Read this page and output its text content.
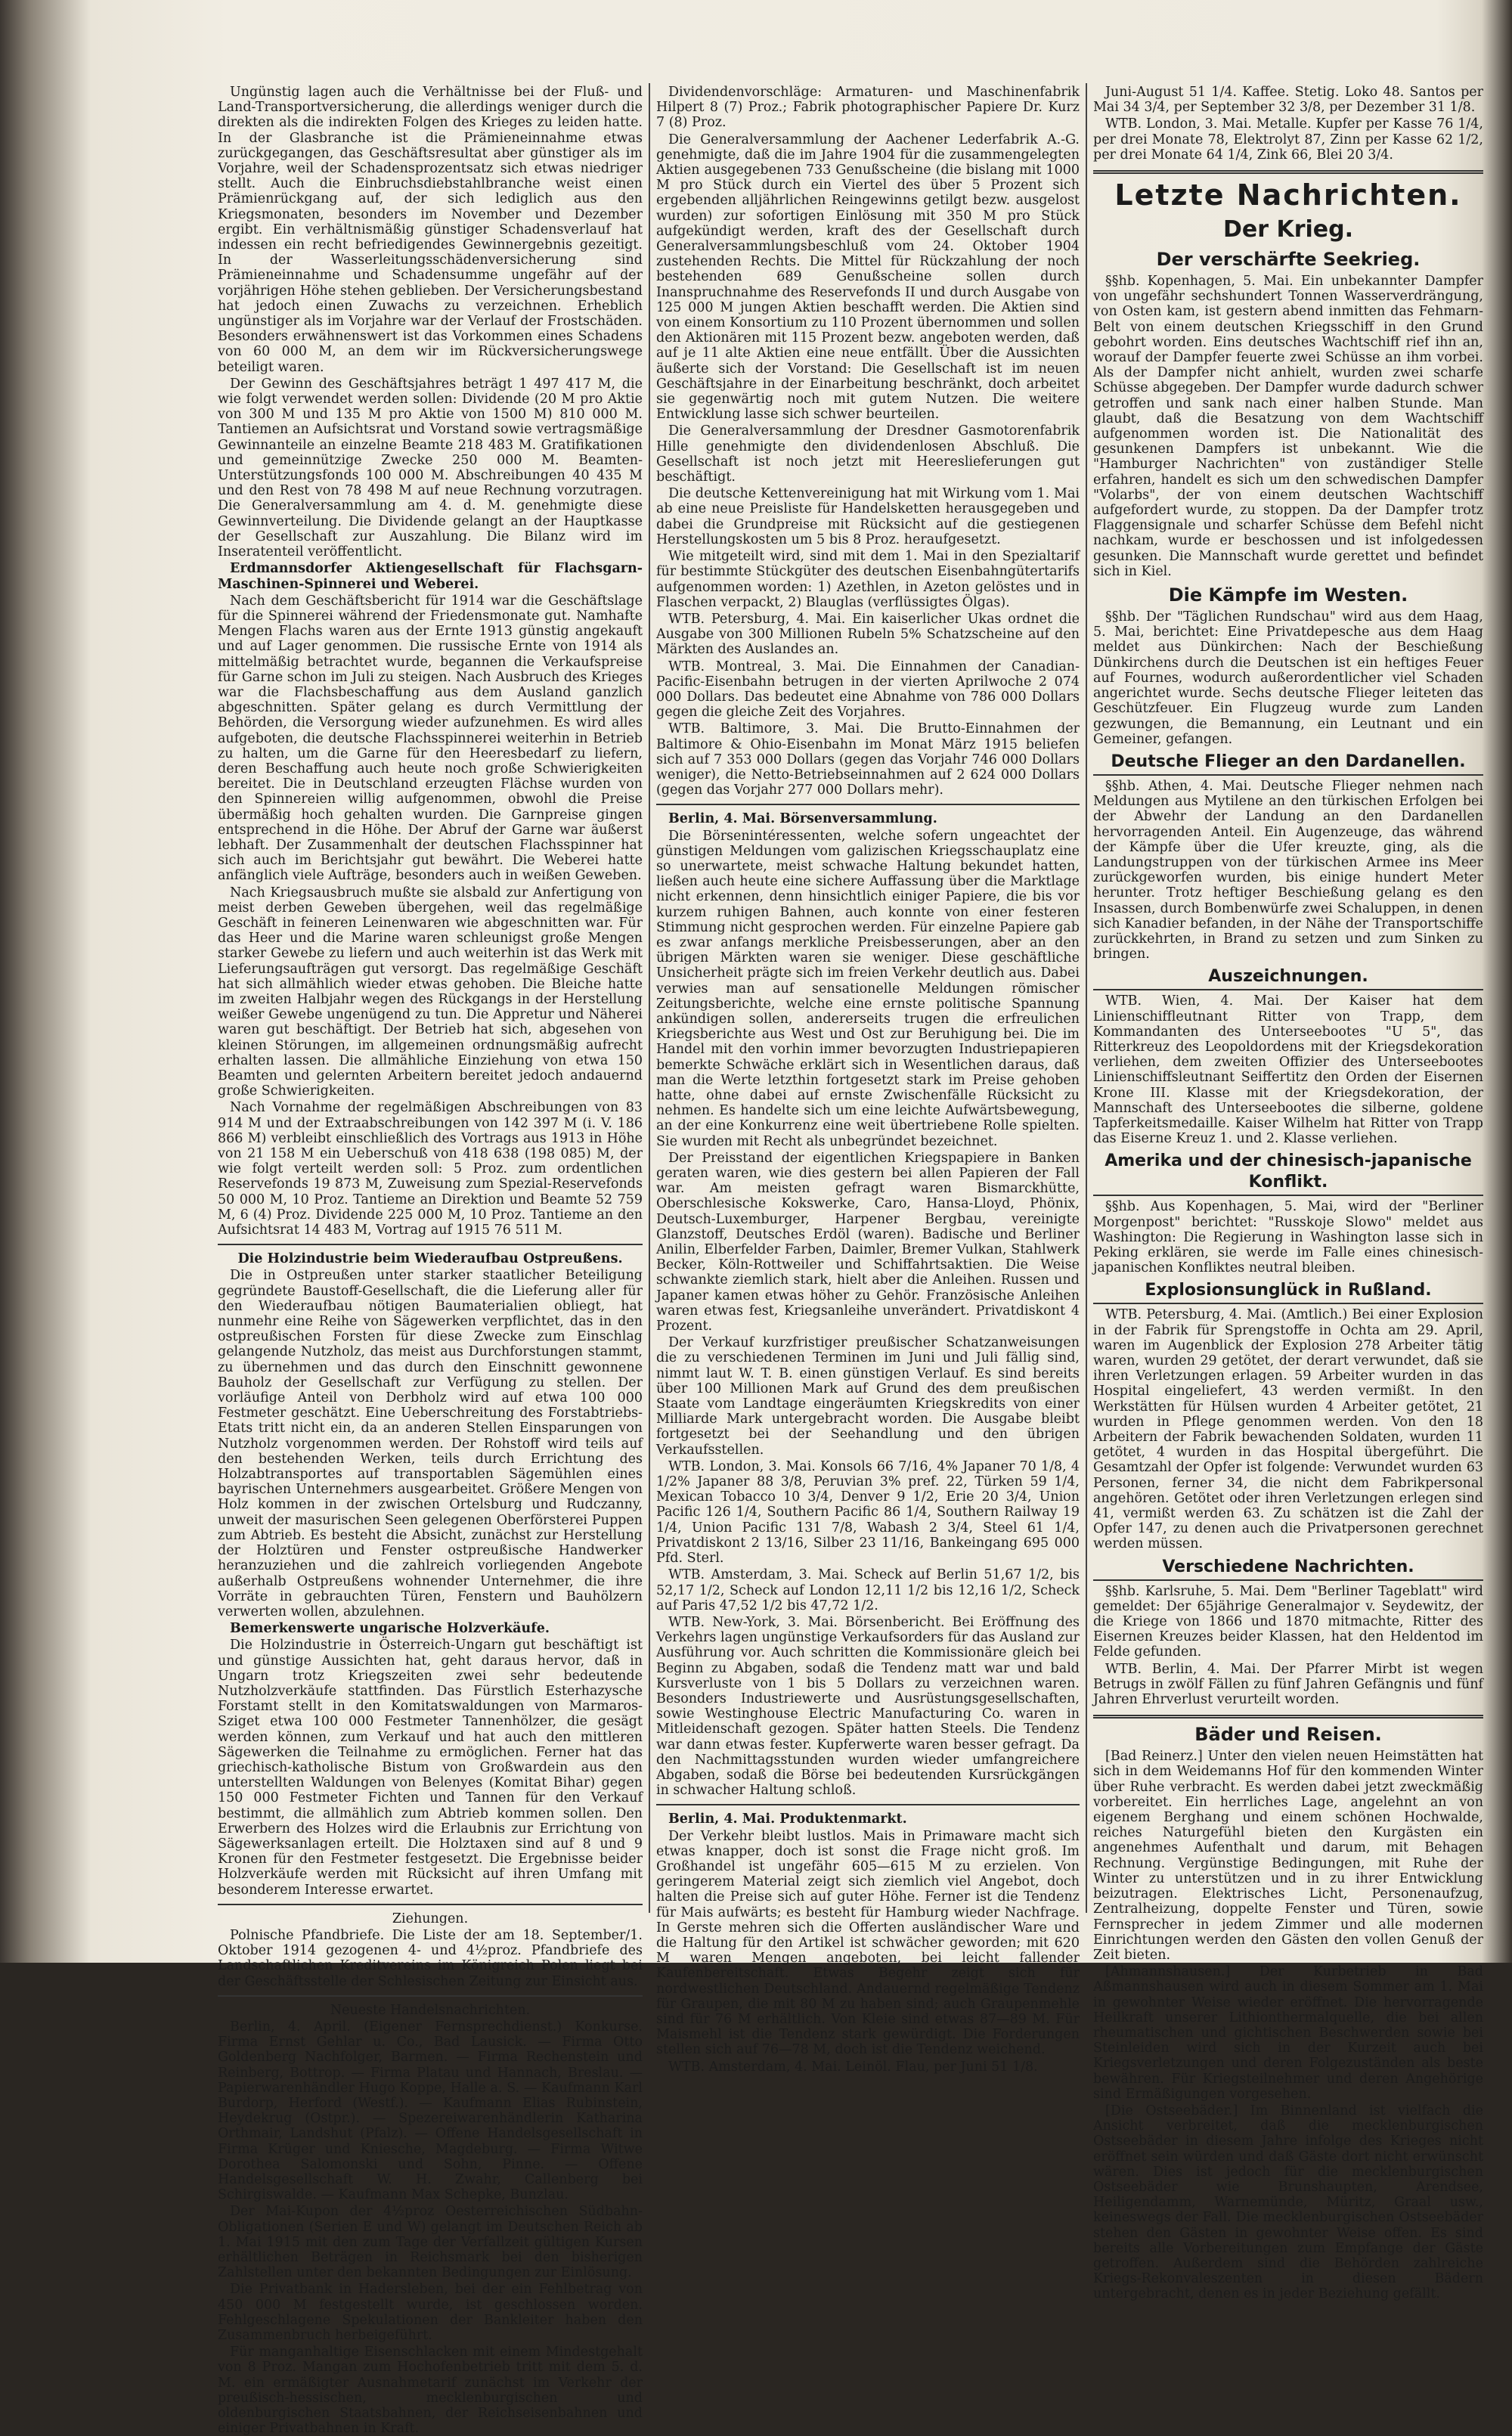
Ungünstig lagen auch die Verhältnisse bei der Fluß- und Land-Transportversicherung, die allerdings weniger durch die direkten als die indirekten Folgen des Krieges zu leiden hatte. In der Glasbranche ist die Prämieneinnahme etwas zurückgegangen, das Geschäftsresultat aber günstiger als im Vorjahre, weil der Schadensprozentsatz sich etwas niedriger stellt. Auch die Einbruchsdiebstahlbranche weist einen Prämienrückgang auf, der sich lediglich aus den Kriegsmonaten, besonders im November und Dezember ergibt. Ein verhältnismäßig günstiger Schadensverlauf hat indessen ein recht befriedigendes Gewinnergebnis gezeitigt. In der Wasserleitungsschädenversicherung sind Prämieneinnahme und Schadensumme ungefähr auf der vorjährigen Höhe stehen geblieben. Der Versicherungsbestand hat jedoch einen Zuwachs zu verzeichnen. Erheblich ungünstiger als im Vorjahre war der Verlauf der Frostschäden. Besonders erwähnenswert ist das Vorkommen eines Schadens von 60 000 M, an dem wir im Rückversicherungswege beteiligt waren.

Der Gewinn des Geschäftsjahres beträgt 1 497 417 M, die wie folgt verwendet werden sollen: Dividende (20 M pro Aktie von 300 M und 135 M pro Aktie von 1500 M) 810 000 M. Tantiemen an Aufsichtsrat und Vorstand sowie vertragsmäßige Gewinnanteile an einzelne Beamte 218 483 M. Gratifikationen und gemeinnützige Zwecke 250 000 M. Beamten-Unterstützungsfonds 100 000 M. Abschreibungen 40 435 M und den Rest von 78 498 M auf neue Rechnung vorzutragen. Die Generalversammlung am 4. d. M. genehmigte diese Gewinnverteilung. Die Dividende gelangt an der Hauptkasse der Gesellschaft zur Auszahlung. Die Bilanz wird im Inseratenteil veröffentlicht.

Erdmannsdorfer Aktiengesellschaft für Flachsgarn-Maschinen-Spinnerei und Weberei.

Nach dem Geschäftsbericht für 1914 war die Geschäftslage für die Spinnerei während der Friedensmonate gut. Namhafte Mengen Flachs waren aus der Ernte 1913 günstig angekauft und auf Lager genommen. Die russische Ernte von 1914 als mittelmäßig betrachtet wurde, begannen die Verkaufspreise für Garne schon im Juli zu steigen. Nach Ausbruch des Krieges war die Flachsbeschaffung aus dem Ausland ganzlich abgeschnitten. Später gelang es durch Vermittlung der Behörden, die Versorgung wieder aufzunehmen. Es wird alles aufgeboten, die deutsche Flachsspinnerei weiterhin in Betrieb zu halten, um die Garne für den Heeresbedarf zu liefern, deren Beschaffung auch heute noch große Schwierigkeiten bereitet. Die in Deutschland erzeugten Flächse wurden von den Spinnereien willig aufgenommen, obwohl die Preise übermäßig hoch gehalten wurden. Die Garnpreise gingen entsprechend in die Höhe. Der Abruf der Garne war äußerst lebhaft. Der Zusammenhalt der deutschen Flachsspinner hat sich auch im Berichtsjahr gut bewährt. Die Weberei hatte anfänglich viele Aufträge, besonders auch in weißen Geweben.

Nach Kriegsausbruch mußte sie alsbald zur Anfertigung von meist derben Geweben übergehen, weil das regelmäßige Geschäft in feineren Leinenwaren wie abgeschnitten war. Für das Heer und die Marine waren schleunigst große Mengen starker Gewebe zu liefern und auch weiterhin ist das Werk mit Lieferungsaufträgen gut versorgt. Das regelmäßige Geschäft hat sich allmählich wieder etwas gehoben. Die Bleiche hatte im zweiten Halbjahr wegen des Rückgangs in der Herstellung weißer Gewebe ungenügend zu tun. Die Appretur und Näherei waren gut beschäftigt. Der Betrieb hat sich, abgesehen von kleinen Störungen, im allgemeinen ordnungsmäßig aufrecht erhalten lassen. Die allmähliche Einziehung von etwa 150 Beamten und gelernten Arbeitern bereitet jedoch andauernd große Schwierigkeiten.

Nach Vornahme der regelmäßigen Abschreibungen von 83 914 M und der Extraabschreibungen von 142 397 M (i. V. 186 866 M) verbleibt einschließlich des Vortrags aus 1913 in Höhe von 21 158 M ein Ueberschuß von 418 638 (198 085) M, der wie folgt verteilt werden soll: 5 Proz. zum ordentlichen Reservefonds 19 873 M, Zuweisung zum Spezial-Reservefonds 50 000 M, 10 Proz. Tantieme an Direktion und Beamte 52 759 M, 6 (4) Proz. Dividende 225 000 M, 10 Proz. Tantieme an den Aufsichtsrat 14 483 M, Vortrag auf 1915 76 511 M.

Die Holzindustrie beim Wiederaufbau Ostpreußens.

Die in Ostpreußen unter starker staatlicher Beteiligung gegründete Baustoff-Gesellschaft, die die Lieferung aller für den Wiederaufbau nötigen Baumaterialien obliegt, hat nunmehr eine Reihe von Sägewerken verpflichtet, das in den ostpreußischen Forsten für diese Zwecke zum Einschlag gelangende Nutzholz, das meist aus Durchforstungen stammt, zu übernehmen und das durch den Einschnitt gewonnene Bauholz der Gesellschaft zur Verfügung zu stellen. Der vorläufige Anteil von Derbholz wird auf etwa 100 000 Festmeter geschätzt. Eine Ueberschreitung des Forstabtriebs-Etats tritt nicht ein, da an anderen Stellen Einsparungen von Nutzholz vorgenommen werden. Der Rohstoff wird teils auf den bestehenden Werken, teils durch Errichtung des Holzabtransportes auf transportablen Sägemühlen eines bayrischen Unternehmers ausgearbeitet. Größere Mengen von Holz kommen in der zwischen Ortelsburg und Rudczanny, unweit der masurischen Seen gelegenen Oberförsterei Puppen zum Abtrieb. Es besteht die Absicht, zunächst zur Herstellung der Holztüren und Fenster ostpreußische Handwerker heranzuziehen und die zahlreich vorliegenden Angebote außerhalb Ostpreußens wohnender Unternehmer, die ihre Vorräte in gebrauchten Türen, Fenstern und Bauhölzern verwerten wollen, abzulehnen.

Bemerkenswerte ungarische Holzverkäufe.

Die Holzindustrie in Österreich-Ungarn gut beschäftigt ist und günstige Aussichten hat, geht daraus hervor, daß in Ungarn trotz Kriegszeiten zwei sehr bedeutende Nutzholzverkäufe stattfinden. Das Fürstlich Esterhazysche Forstamt stellt in den Komitatswaldungen von Marmaros-Sziget etwa 100 000 Festmeter Tannenhölzer, die gesägt werden können, zum Verkauf und hat auch den mittleren Sägewerken die Teilnahme zu ermöglichen. Ferner hat das griechisch-katholische Bistum von Großwardein aus den unterstellten Waldungen von Belenyes (Komitat Bihar) gegen 150 000 Festmeter Fichten und Tannen für den Verkauf bestimmt, die allmählich zum Abtrieb kommen sollen. Den Erwerbern des Holzes wird die Erlaubnis zur Errichtung von Sägewerksanlagen erteilt. Die Holztaxen sind auf 8 und 9 Kronen für den Festmeter festgesetzt. Die Ergebnisse beider Holzverkäufe werden mit Rücksicht auf ihren Umfang mit besonderem Interesse erwartet.

Ziehungen.

Polnische Pfandbriefe. Die Liste der am 18. September/1. Oktober 1914 gezogenen 4- und 4½proz. Pfandbriefe des Landschaftlichen Kreditvereins im Königreich Polen liegt bei der Geschäftsstelle der Schlesischen Zeitung zur Einsicht aus.

Neueste Handelsnachrichten.

Berlin, 4. April. (Eigener Fernsprechdienst.) Konkurse. Firma Ernst Gehlar u. Co., Bad Lausick. — Firma Otto Goldenberg Nachfolger, Barmen. — Firma Rechenstein und Reinberg, Bottrop. — Firma Platau und Hannach, Breslau. — Papierwarenhändler Hugo Koppe, Halle a. S. — Kaufmann Karl Burdorp, Herford (Westf.). — Kaufmann Elias Rubinstein, Heydekrug (Ostpr.). — Spezereiwarenhändlerin Katharina Orthmair, Landshut (Pfalz). — Offene Handelsgesellschaft in Firma Krüger und Kniesche, Magdeburg. — Firma Witwe Dorothea Salomonski und Sohn, Pinne. — Offene Handelsgesellschaft W. H. Zwahr, Callenberg bei Schirgiswalde. — Kaufmann Max Schepke, Bunzlau.

Der Mai-Kupon der 4½proz Oesterreichischen Südbahn-Obligationen (Serien E und W) gelangt im Deutschen Reich ab 1. Mai 1915 mit den zum Tage der Verfallzeit gültigen Kursen erhältlichen Beträgen in Reichsmark bei den bisherigen Zahlstellen unter den bekannten Bedingungen zur Einlösung.

Die Privatbank in Hadersleben, bei der ein Fehlbetrag von 450 000 M festgestellt wurde, ist geschlossen worden. Fehlgeschlagene Spekulationen der Bankleiter haben den Zusammenbruch herbeigeführt.

Für manganhaltige Eisenschlacken mit einem Mindestgehalt von 8 Proz. Mangan zum Hochofenbetrieb tritt mit dem 5. d. M. ein ermäßigter Ausnahmetarif zunächst im Verkehr der preußisch-hessischen, mecklenburgischen und oldenburgischen Staatsbahnen, der Reichseisenbahnen und einiger Privatbahnen in Kraft.

Dividendenvorschläge: Armaturen- und Maschinenfabrik Hilpert 8 (7) Proz.; Fabrik photographischer Papiere Dr. Kurz 7 (8) Proz.

Die Generalversammlung der Aachener Lederfabrik A.-G. genehmigte, daß die im Jahre 1904 für die zusammengelegten Aktien ausgegebenen 733 Genußscheine (die bislang mit 1000 M pro Stück durch ein Viertel des über 5 Prozent sich ergebenden alljährlichen Reingewinns getilgt bezw. ausgelost wurden) zur sofortigen Einlösung mit 350 M pro Stück aufgekündigt werden, kraft des der Gesellschaft durch Generalversammlungsbeschluß vom 24. Oktober 1904 zustehenden Rechts. Die Mittel für Rückzahlung der noch bestehenden 689 Genußscheine sollen durch Inanspruchnahme des Reservefonds II und durch Ausgabe von 125 000 M jungen Aktien beschafft werden. Die Aktien sind von einem Konsortium zu 110 Prozent übernommen und sollen den Aktionären mit 115 Prozent bezw. angeboten werden, daß auf je 11 alte Aktien eine neue entfällt. Über die Aussichten äußerte sich der Vorstand: Die Gesellschaft ist im neuen Geschäftsjahre in der Einarbeitung beschränkt, doch arbeitet sie gegenwärtig noch mit gutem Nutzen. Die weitere Entwicklung lasse sich schwer beurteilen.

Die Generalversammlung der Dresdner Gasmotorenfabrik Hille genehmigte den dividendenlosen Abschluß. Die Gesellschaft ist noch jetzt mit Heereslieferungen gut beschäftigt.

Die deutsche Kettenvereinigung hat mit Wirkung vom 1. Mai ab eine neue Preisliste für Handelsketten herausgegeben und dabei die Grundpreise mit Rücksicht auf die gestiegenen Herstellungskosten um 5 bis 8 Proz. heraufgesetzt.

Wie mitgeteilt wird, sind mit dem 1. Mai in den Spezialtarif für bestimmte Stückgüter des deutschen Eisenbahngütertarifs aufgenommen worden: 1) Azethlen, in Azeton gelöstes und in Flaschen verpackt, 2) Blauglas (verflüssigtes Ölgas).

WTB. Petersburg, 4. Mai. Ein kaiserlicher Ukas ordnet die Ausgabe von 300 Millionen Rubeln 5% Schatzscheine auf den Märkten des Auslandes an.

WTB. Montreal, 3. Mai. Die Einnahmen der Canadian-Pacific-Eisenbahn betrugen in der vierten Aprilwoche 2 074 000 Dollars. Das bedeutet eine Abnahme von 786 000 Dollars gegen die gleiche Zeit des Vorjahres.

WTB. Baltimore, 3. Mai. Die Brutto-Einnahmen der Baltimore & Ohio-Eisenbahn im Monat März 1915 beliefen sich auf 7 353 000 Dollars (gegen das Vorjahr 746 000 Dollars weniger), die Netto-Betriebseinnahmen auf 2 624 000 Dollars (gegen das Vorjahr 277 000 Dollars mehr).

Berlin, 4. Mai. Börsenversammlung.

Die Börsenintéressenten, welche sofern ungeachtet der günstigen Meldungen vom galizischen Kriegsschauplatz eine so unerwartete, meist schwache Haltung bekundet hatten, ließen auch heute eine sichere Auffassung über die Marktlage nicht erkennen, denn hinsichtlich einiger Papiere, die bis vor kurzem ruhigen Bahnen, auch konnte von einer festeren Stimmung nicht gesprochen werden. Für einzelne Papiere gab es zwar anfangs merkliche Preisbesserungen, aber an den übrigen Märkten waren sie weniger. Diese geschäftliche Unsicherheit prägte sich im freien Verkehr deutlich aus. Dabei verwies man auf sensationelle Meldungen römischer Zeitungsberichte, welche eine ernste politische Spannung ankündigen sollen, andererseits trugen die erfreulichen Kriegsberichte aus West und Ost zur Beruhigung bei. Die im Handel mit den vorhin immer bevorzugten Industriepapieren bemerkte Schwäche erklärt sich in Wesentlichen daraus, daß man die Werte letzthin fortgesetzt stark im Preise gehoben hatte, ohne dabei auf ernste Zwischenfälle Rücksicht zu nehmen. Es handelte sich um eine leichte Aufwärtsbewegung, an der eine Konkurrenz eine weit übertriebene Rolle spielten. Sie wurden mit Recht als unbegründet bezeichnet.

Der Preisstand der eigentlichen Kriegspapiere in Banken geraten waren, wie dies gestern bei allen Papieren der Fall war. Am meisten gefragt waren Bismarckhütte, Oberschlesische Kokswerke, Caro, Hansa-Lloyd, Phönix, Deutsch-Luxemburger, Harpener Bergbau, vereinigte Glanzstoff, Deutsches Erdöl (waren). Badische und Berliner Anilin, Elberfelder Farben, Daimler, Bremer Vulkan, Stahlwerk Becker, Köln-Rottweiler und Schiffahrtsaktien. Die Weise schwankte ziemlich stark, hielt aber die Anleihen. Russen und Japaner kamen etwas höher zu Gehör. Französische Anleihen waren etwas fest, Kriegsanleihe unverändert. Privatdiskont 4 Prozent.

Der Verkauf kurzfristiger preußischer Schatzanweisungen die zu verschiedenen Terminen im Juni und Juli fällig sind, nimmt laut W. T. B. einen günstigen Verlauf. Es sind bereits über 100 Millionen Mark auf Grund des dem preußischen Staate vom Landtage eingeräumten Kriegskredits von einer Milliarde Mark untergebracht worden. Die Ausgabe bleibt fortgesetzt bei der Seehandlung und den übrigen Verkaufsstellen.

WTB. London, 3. Mai. Konsols 66 7/16, 4% Japaner 70 1/8, 4 1/2% Japaner 88 3/8, Peruvian 3% pref. 22, Türken 59 1/4, Mexican Tobacco 10 3/4, Denver 9 1/2, Erie 20 3/4, Union Pacific 126 1/4, Southern Pacific 86 1/4, Southern Railway 19 1/4, Union Pacific 131 7/8, Wabash 2 3/4, Steel 61 1/4, Privatdiskont 2 13/16, Silber 23 11/16, Bankeingang 695 000 Pfd. Sterl.

WTB. Amsterdam, 3. Mai. Scheck auf Berlin 51,67 1/2, bis 52,17 1/2, Scheck auf London 12,11 1/2 bis 12,16 1/2, Scheck auf Paris 47,52 1/2 bis 47,72 1/2.

WTB. New-York, 3. Mai. Börsenbericht. Bei Eröffnung des Verkehrs lagen ungünstige Verkaufsorders für das Ausland zur Ausführung vor. Auch schritten die Kommissionäre gleich bei Beginn zu Abgaben, sodaß die Tendenz matt war und bald Kursverluste von 1 bis 5 Dollars zu verzeichnen waren. Besonders Industriewerte und Ausrüstungsgesellschaften, sowie Westinghouse Electric Manufacturing Co. waren in Mitleidenschaft gezogen. Später hatten Steels. Die Tendenz war dann etwas fester. Kupferwerte waren besser gefragt. Da den Nachmittagsstunden wurden wieder umfangreichere Abgaben, sodaß die Börse bei bedeutenden Kursrückgängen in schwacher Haltung schloß.

Berlin, 4. Mai. Produktenmarkt.

Der Verkehr bleibt lustlos. Mais in Primaware macht sich etwas knapper, doch ist sonst die Frage nicht groß. Im Großhandel ist ungefähr 605—615 M zu erzielen. Von geringerem Material zeigt sich ziemlich viel Angebot, doch halten die Preise sich auf guter Höhe. Ferner ist die Tendenz für Mais aufwärts; es besteht für Hamburg wieder Nachfrage. In Gerste mehren sich die Offerten ausländischer Ware und die Haltung für den Artikel ist schwächer geworden; mit 620 M waren Mengen angeboten, bei leicht fallender Kaufenbereitschaft. Etwas Begehr zeigt sich für nordwestlichen Deutschland. Andauernd regelmäßige Tendenz für Graupen, die mit 80 M zu haben sind; auch Graupenmehle sind für 76 M erhältlich. Von Kleie sind etwas 87—89 M. Für Maismehl ist die Tendenz stark gewürdigt. Die Forderungen stellen sich auf 76—78 M, doch ist die Tendenz weichend.

WTB. Amsterdam, 4. Mai. Leinöl. Flau, per Juni 51 1/8.

Juni-August 51 1/4. Kaffee. Stetig. Loko 48. Santos per Mai 34 3/4, per September 32 3/8, per Dezember 31 1/8.

WTB. London, 3. Mai. Metalle. Kupfer per Kasse 76 1/4, per drei Monate 78, Elektrolyt 87, Zinn per Kasse 62 1/2, per drei Monate 64 1/4, Zink 66, Blei 20 3/4.

Letzte Nachrichten.
Der Krieg.
Der verschärfte Seekrieg.

§§hb. Kopenhagen, 5. Mai. Ein unbekannter Dampfer von ungefähr sechshundert Tonnen Wasserverdrängung, von Osten kam, ist gestern abend inmitten das Fehmarn-Belt von einem deutschen Kriegsschiff in den Grund gebohrt worden. Eins deutsches Wachtschiff rief ihn an, worauf der Dampfer feuerte zwei Schüsse an ihm vorbei. Als der Dampfer nicht anhielt, wurden zwei scharfe Schüsse abgegeben. Der Dampfer wurde dadurch schwer getroffen und sank nach einer halben Stunde. Man glaubt, daß die Besatzung von dem Wachtschiff aufgenommen worden ist. Die Nationalität des gesunkenen Dampfers ist unbekannt. Wie die "Hamburger Nachrichten" von zuständiger Stelle erfahren, handelt es sich um den schwedischen Dampfer "Volarbs", der von einem deutschen Wachtschiff aufgefordert wurde, zu stoppen. Da der Dampfer trotz Flaggensignale und scharfer Schüsse dem Befehl nicht nachkam, wurde er beschossen und ist infolgedessen gesunken. Die Mannschaft wurde gerettet und befindet sich in Kiel.

Die Kämpfe im Westen.

§§hb. Der "Täglichen Rundschau" wird aus dem Haag, 5. Mai, berichtet: Eine Privatdepesche aus dem Haag meldet aus Dünkirchen: Nach der Beschießung Dünkirchens durch die Deutschen ist ein heftiges Feuer auf Fournes, wodurch außerordentlicher viel Schaden angerichtet wurde. Sechs deutsche Flieger leiteten das Geschützfeuer. Ein Flugzeug wurde zum Landen gezwungen, die Bemannung, ein Leutnant und ein Gemeiner, gefangen.

Deutsche Flieger an den Dardanellen.

§§hb. Athen, 4. Mai. Deutsche Flieger nehmen nach Meldungen aus Mytilene an den türkischen Erfolgen bei der Abwehr der Landung an den Dardanellen hervorragenden Anteil. Ein Augenzeuge, das während der Kämpfe über die Ufer kreuzte, ging, als die Landungstruppen von der türkischen Armee ins Meer zurückgeworfen wurden, bis einige hundert Meter herunter. Trotz heftiger Beschießung gelang es den Insassen, durch Bombenwürfe zwei Schaluppen, in denen sich Kanadier befanden, in der Nähe der Transportschiffe zurückkehrten, in Brand zu setzen und zum Sinken zu bringen.

Auszeichnungen.

WTB. Wien, 4. Mai. Der Kaiser hat dem Linienschiffleutnant Ritter von Trapp, dem Kommandanten des Unterseebootes "U 5", das Ritterkreuz des Leopoldordens mit der Kriegsdekoration verliehen, dem zweiten Offizier des Unterseebootes Linienschiffsleutnant Seiffertitz den Orden der Eisernen Krone III. Klasse mit der Kriegsdekoration, der Mannschaft des Unterseebootes die silberne, goldene Tapferkeitsmedaille. Kaiser Wilhelm hat Ritter von Trapp das Eiserne Kreuz 1. und 2. Klasse verliehen.

Amerika und der chinesisch-japanische Konflikt.

§§hb. Aus Kopenhagen, 5. Mai, wird der "Berliner Morgenpost" berichtet: "Russkoje Slowo" meldet aus Washington: Die Regierung in Washington lasse sich in Peking erklären, sie werde im Falle eines chinesisch-japanischen Konfliktes neutral bleiben.

Explosionsunglück in Rußland.

WTB. Petersburg, 4. Mai. (Amtlich.) Bei einer Explosion in der Fabrik für Sprengstoffe in Ochta am 29. April, waren im Augenblick der Explosion 278 Arbeiter tätig waren, wurden 29 getötet, der derart verwundet, daß sie ihren Verletzungen erlagen. 59 Arbeiter wurden in das Hospital eingeliefert, 43 werden vermißt. In den Werkstätten für Hülsen wurden 4 Arbeiter getötet, 21 wurden in Pflege genommen werden. Von den 18 Arbeitern der Fabrik bewachenden Soldaten, wurden 11 getötet, 4 wurden in das Hospital übergeführt. Die Gesamtzahl der Opfer ist folgende: Verwundet wurden 63 Personen, ferner 34, die nicht dem Fabrikpersonal angehören. Getötet oder ihren Verletzungen erlegen sind 41, vermißt werden 63. Zu schätzen ist die Zahl der Opfer 147, zu denen auch die Privatpersonen gerechnet werden müssen.

Verschiedene Nachrichten.

§§hb. Karlsruhe, 5. Mai. Dem "Berliner Tageblatt" wird gemeldet: Der 65jährige Generalmajor v. Seydewitz, der die Kriege von 1866 und 1870 mitmachte, Ritter des Eisernen Kreuzes beider Klassen, hat den Heldentod im Felde gefunden.

WTB. Berlin, 4. Mai. Der Pfarrer Mirbt ist wegen Betrugs in zwölf Fällen zu fünf Jahren Gefängnis und fünf Jahren Ehrverlust verurteilt worden.

Bäder und Reisen.

[Bad Reinerz.] Unter den vielen neuen Heimstätten hat sich in dem Weidemanns Hof für den kommenden Winter über Ruhe verbracht. Es werden dabei jetzt zweckmäßig vorbereitet. Ein herrliches Lage, angelehnt an von eigenem Berghang und einem schönen Hochwalde, reiches Naturgefühl bieten den Kurgästen ein angenehmes Aufenthalt und darum, mit Behagen Rechnung. Vergünstige Bedingungen, mit Ruhe der Winter zu unterstützen und in zu ihrer Entwicklung beizutragen. Elektrisches Licht, Personenaufzug, Zentralheizung, doppelte Fenster und Türen, sowie Fernsprecher in jedem Zimmer und alle modernen Einrichtungen werden den Gästen den vollen Genuß der Zeit bieten.

[Ahmannshausen.] Der Kurbetrieb in Bad Aßmannshausen wird auch in diesem Sommer am 1. Mai in gewohnter Weise wieder eröffnet. Die hervorragende Heilkraft unserer Lithionthermalquelle, die bei allen rheumatischen und gichtischen Beschwerden sowie bei Steinleiden wird sich in der Kurzeit auch bei Kriegsverletzungen und deren Folgezuständen als beste bewähren. Für Kriegsteilnehmer und deren Angehörige sind Ermäßigungen vorgesehen.

[Die Ostseebäder.] Im Binnenland ist vielfach die Ansicht verbreitet, daß die mecklenburgischen Ostseebäder in diesem Jahre infolge des Krieges nicht eröffnet sein würden und daß Gäste dort nicht erwünscht wären. Dies ist jedoch für die mecklenburgischen Ostseebäder wie Brunshaupten, Arendsee, Heiligendamm, Warnemünde, Müritz, Graal usw., keineswegs der Fall. Die mecklenburgischen Ostseebäder stehen den Gästen in gewohnter Weise offen. Es sind bereits alle Vorbereitungen zum Empfange der Gäste getroffen. Außerdem sind die Behörden zahlreiche Kriegs-Rekonvaleszenten in diesen Bädern untergebracht, denen es in jeder Beziehung gefällt.
